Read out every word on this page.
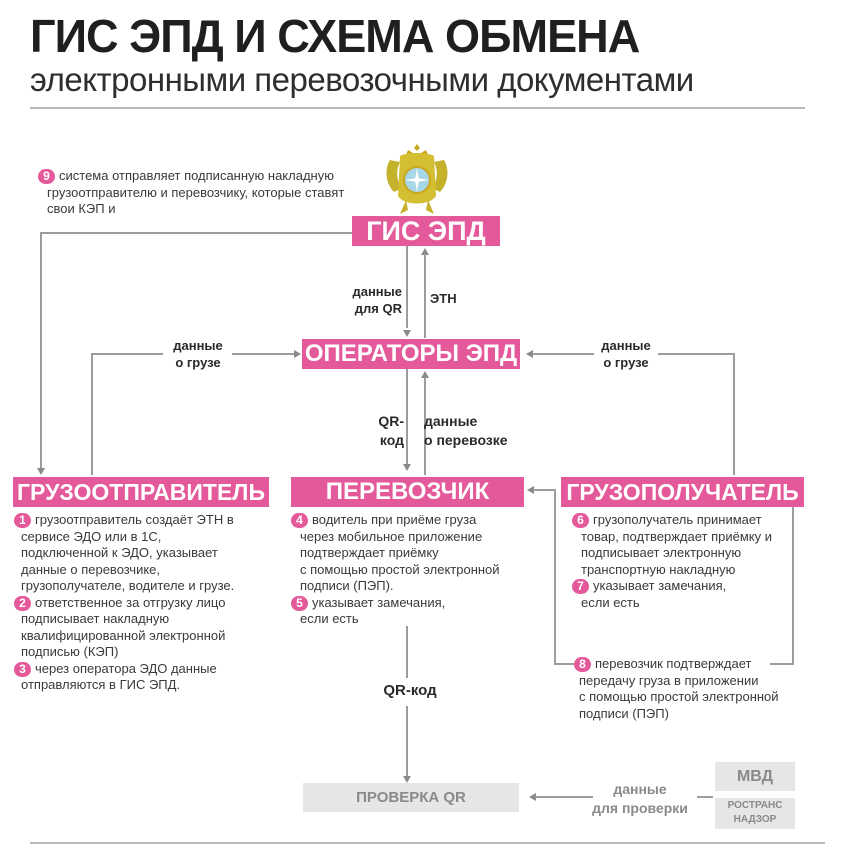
ГИС ЭПД И СХЕМА ОБМЕНА
электронными перевозочными документами
9 система отправляет подписанную накладную
грузоотправителю и перевозчику, которые ставят
свои КЭП и
ГИС ЭПД
данные
для QR
ЭТН
ОПЕРАТОРЫ ЭПД
данные
о грузе
данные
о грузе
QR-
код
данные
о перевозке
ГРУЗООТПРАВИТЕЛЬ	ПЕРЕВОЗЧИК	ГРУЗОПОЛУЧАТЕЛЬ
1 грузоотправитель создаёт ЭТН в
сервисе ЭДО или в 1С,
подключенной к ЭДО, указывает
данные о перевозчике,
грузополучателе, водителе и грузе.
2 ответственное за отгрузку лицо
подписывает накладную
квалифицированной электронной
подписью (КЭП)
3 через оператора ЭДО данные
отправляются в ГИС ЭПД.
4 водитель при приёме груза
через мобильное приложение
подтверждает приёмку
с помощью простой электронной
подписи (ПЭП).
5 указывает замечания,
если есть
6 грузополучатель принимает
товар, подтверждает приёмку и
подписывает электронную
транспортную накладную
7 указывает замечания,
если есть
8 перевозчик подтверждает
передачу груза в приложении
с помощью простой электронной
подписи (ПЭП)
QR-код
ПРОВЕРКА QR	данные
для проверки
МВД
РОСТРАНС
НАДЗОР
